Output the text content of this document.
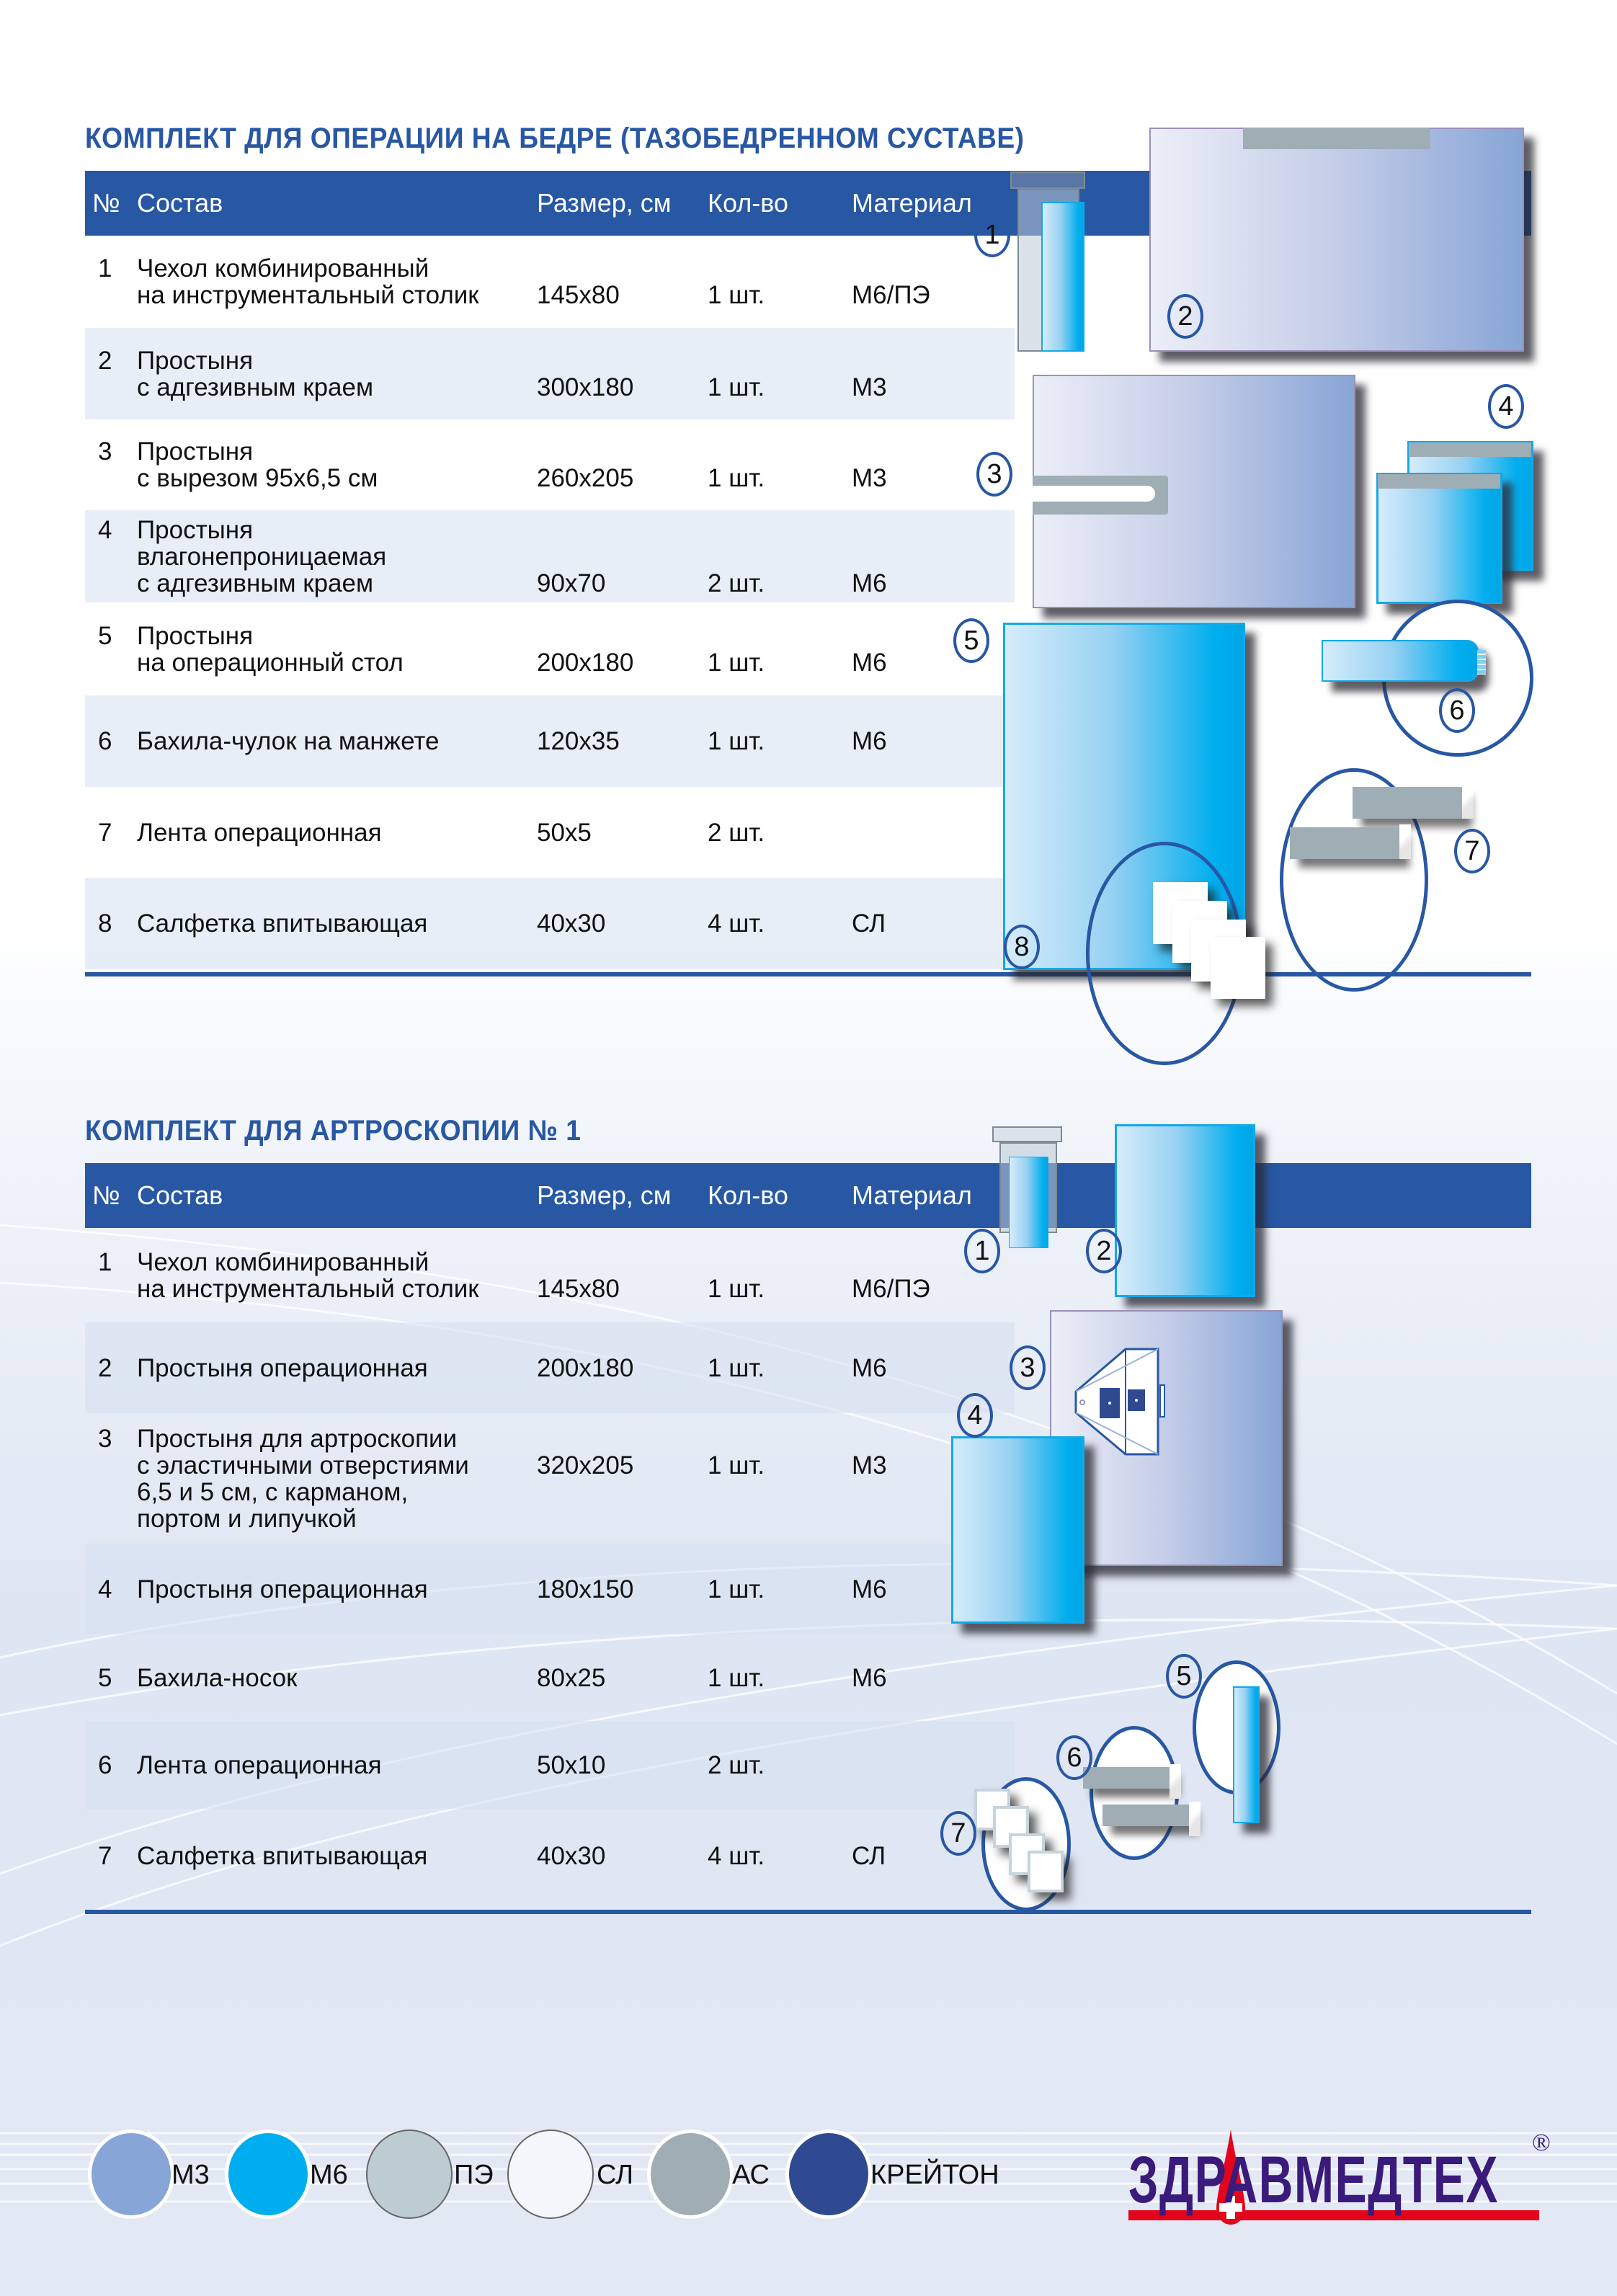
КОМПЛЕКТ ДЛЯ ОПЕРАЦИИ НА БЕДРЕ (ТАЗОБЕДРЕННОМ СУСТАВЕ)
№ Состав	Размер, см Кол-во Материал
1 Чехол комбинированный
на инструментальный столик 145x80	1 шт.	М6/ПЭ
2 Простыня
с адгезивным краем	300x180	1 шт.	М3
3 Простыня
с вырезом 95x6,5 см	260x205	1 шт.	М3
4 Простыня
влагонепроницаемая
с адгезивным краем	90x70	2 шт.	М6
5 Простыня
на операционный стол	200x180	1 шт.	М6
6 Бахила-чулок на манжете	120x35	1 шт.	М6
7 Лента операционная	50x5	2 шт.
8 Салфетка впитывающая	40x30	4 шт.	СЛ
1
2
3
4
5
6
7
8
КОМПЛЕКТ ДЛЯ АРТРОСКОПИИ № 1
№ Состав	Размер, см Кол-во Материал
1 Чехол комбинированный
на инструментальный столик 145x80	1 шт.	М6/ПЭ
2 Простыня операционная	200x180	1 шт.	М6
3 Простыня для артроскопии
с эластичными отверстиями
6,5 и 5 см, с карманом,
портом и липучкой
320x205	1 шт.	М3
4 Простыня операционная	180x150	1 шт.	М6
5 Бахила-носок	80x25	1 шт.	М6
6 Лента операционная	50x10	2 шт.
7 Салфетка впитывающая	40x30	4 шт.	СЛ
1	2
3
4
5
6
7
М3	М6	ПЭ	СЛ	АС	КРЕЙТОН ЗДРАВМЕДТЕХ
®
